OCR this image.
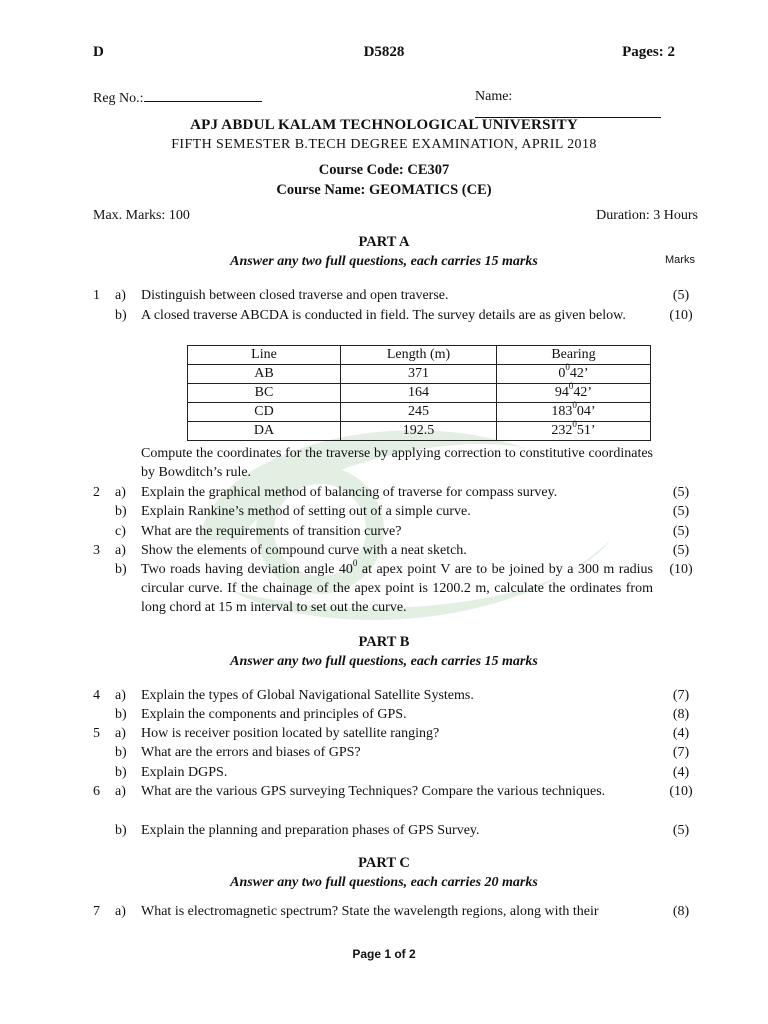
D	D5828	Pages: 2
Reg No.:	Name:
APJ ABDUL KALAM TECHNOLOGICAL UNIVERSITY
FIFTH SEMESTER B.TECH DEGREE EXAMINATION, APRIL 2018
Course Code: CE307
Course Name: GEOMATICS (CE)
Max. Marks: 100	Duration: 3 Hours
PART A
Answer any two full questions, each carries 15 marks	Marks
1	a)	Distinguish between closed traverse and open traverse.	(5)
b)	A closed traverse ABCDA is conducted in field. The survey details are as given below.	(10)
Line	Length (m)	Bearing
AB	371	$0^042$’
BC	164	$94^042$’
CD	245	$183^004$’
DA	192.5	$232^051$’
Compute the coordinates for the traverse by applying correction to constitutive coordinates by Bowditch’s rule.
2	a)	Explain the graphical method of balancing of traverse for compass survey.	(5)
b)	Explain Rankine’s method of setting out of a simple curve.	(5)
c)	What are the requirements of transition curve?	(5)
3	a)	Show the elements of compound curve with a neat sketch.	(5)
b)	Two roads having deviation angle $40^0$ at apex point V are to be joined by a 300 m radius circular curve. If the chainage of the apex point is 1200.2 m, calculate the ordinates from long chord at 15 m interval to set out the curve.
(10)
PART B
Answer any two full questions, each carries 15 marks
4	a)	Explain the types of Global Navigational Satellite Systems.	(7)
b)	Explain the components and principles of GPS.	(8)
5	a)	How is receiver position located by satellite ranging?	(4)
b)	What are the errors and biases of GPS?	(7)
b)	Explain DGPS.	(4)
6	a)	What are the various GPS surveying Techniques? Compare the various techniques.	(10)
b)	Explain the planning and preparation phases of GPS Survey.	(5)
PART C
Answer any two full questions, each carries 20 marks
7	a)	What is electromagnetic spectrum? State the wavelength regions, along with their	(8)
Page 1 of 2
